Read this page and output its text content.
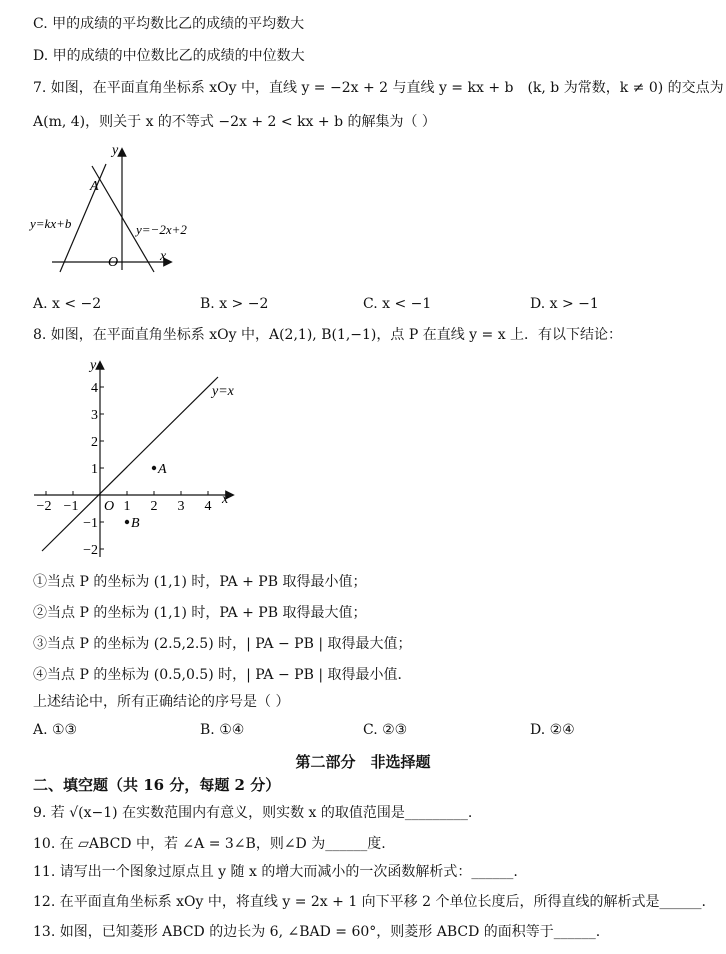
C. 甲的成绩的平均数比乙的成绩的平均数大
D. 甲的成绩的中位数比乙的成绩的中位数大
7. 如图，在平面直角坐标系 xOy 中，直线 y = −2x + 2 与直线 y = kx + b　(k, b 为常数，k ≠ 0) 的交点为
A(m, 4)，则关于 x 的不等式 −2x + 2 < kx + b 的解集为（ ）
y
x
O
A
y=kx+b	y=−2x+2
A. x < −2	B. x > −2	C. x < −1	D. x > −1
8. 如图，在平面直角坐标系 xOy 中，A(2,1), B(1,−1)，点 P 在直线 y = x 上．有以下结论：
y
x
O
y=x
4
3
2
1
−1
−2
−2 −1	1 2 3 4
A
B
①当点 P 的坐标为 (1,1) 时，PA + PB 取得最小值；
②当点 P 的坐标为 (1,1) 时，PA + PB 取得最大值；
③当点 P 的坐标为 (2.5,2.5) 时，| PA − PB | 取得最大值；
④当点 P 的坐标为 (0.5,0.5) 时，| PA − PB | 取得最小值．
上述结论中，所有正确结论的序号是（ ）
A. ①③	B. ①④	C. ②③	D. ②④
第二部分　非选择题
二、填空题（共 16 分，每题 2 分）
9. 若 √(x−1) 在实数范围内有意义，则实数 x 的取值范围是_________.
10. 在 ▱ABCD 中，若 ∠A = 3∠B，则∠D 为______度.
11. 请写出一个图象过原点且 y 随 x 的增大而减小的一次函数解析式：______.
12. 在平面直角坐标系 xOy 中，将直线 y = 2x + 1 向下平移 2 个单位长度后，所得直线的解析式是______.
13. 如图，已知菱形 ABCD 的边长为 6, ∠BAD = 60°，则菱形 ABCD 的面积等于______.
